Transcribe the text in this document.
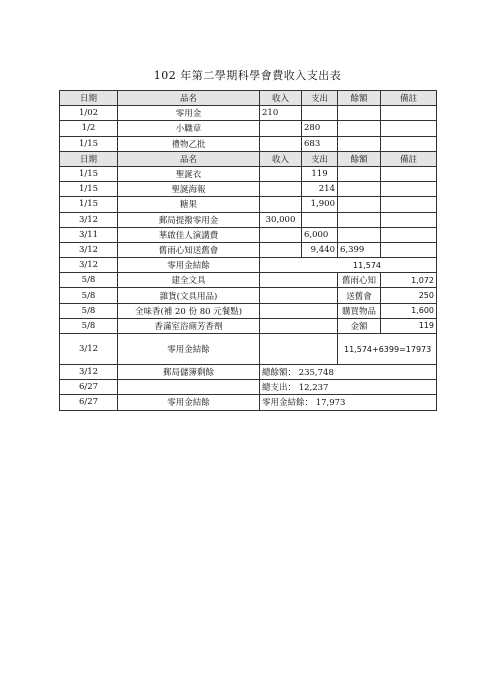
102 年第二學期科學會費收入支出表
日期	品名	收入	支出	餘額	備註
1/02	零用金	210			
1/2	小職章		280		
1/15	禮物乙批		683		
日期	品名	收入	支出	餘額	備註
1/15	聖誕衣		119		
1/15	聖誕海報		214		
1/15	糖果		1,900		
3/12	郵局提撥零用金	30,000			
3/11	華啟佳人演講費		6,000		
3/12	舊雨心知送舊會		9,440	6,399	
3/12	零用金結餘	11,574			
5/8	建全文具			舊雨心知	1,072
5/8	雜貨(文具用品)			送舊會	250
5/8	全味香(補 20 份 80 元餐點)			購買物品	1,600
5/8	香滿室浴廁芳香劑			金額	119
3/12	零用金結餘			11,574+6399=17973	
3/12	郵局儲簿剩餘	總餘額： 235,748			
6/27		總支出： 12,237			
6/27	零用金結餘	零用金結餘： 17,973			
